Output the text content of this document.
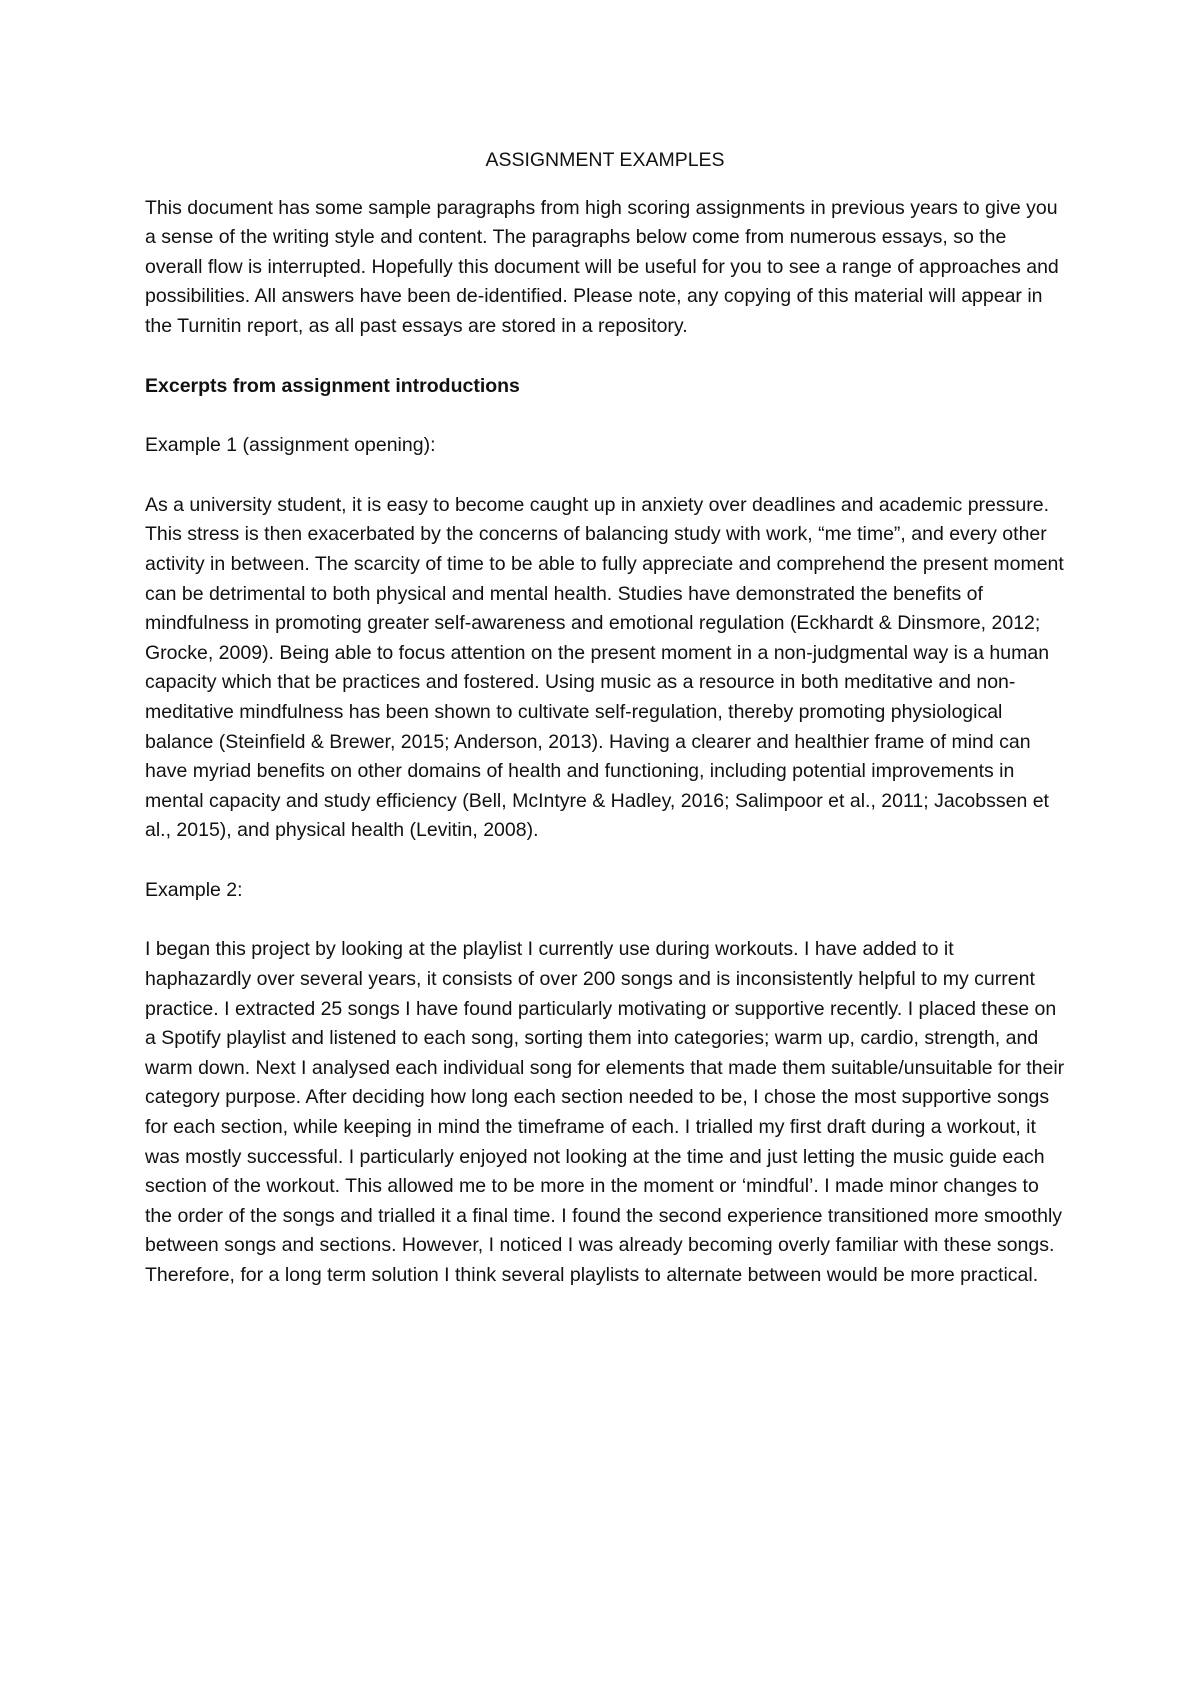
ASSIGNMENT EXAMPLES

This document has some sample paragraphs from high scoring assignments in previous years to give you a sense of the writing style and content. The paragraphs below come from numerous essays, so the overall flow is interrupted. Hopefully this document will be useful for you to see a range of approaches and possibilities. All answers have been de-identified. Please note, any copying of this material will appear in the Turnitin report, as all past essays are stored in a repository.

Excerpts from assignment introductions

Example 1 (assignment opening):

As a university student, it is easy to become caught up in anxiety over deadlines and academic pressure. This stress is then exacerbated by the concerns of balancing study with work, “me time”, and every other activity in between. The scarcity of time to be able to fully appreciate and comprehend the present moment can be detrimental to both physical and mental health. Studies have demonstrated the benefits of mindfulness in promoting greater self-awareness and emotional regulation (Eckhardt & Dinsmore, 2012; Grocke, 2009). Being able to focus attention on the present moment in a non-judgmental way is a human capacity which that be practices and fostered. Using music as a resource in both meditative and non-meditative mindfulness has been shown to cultivate self-regulation, thereby promoting physiological balance (Steinfield & Brewer, 2015; Anderson, 2013). Having a clearer and healthier frame of mind can have myriad benefits on other domains of health and functioning, including potential improvements in mental capacity and study efficiency (Bell, McIntyre & Hadley, 2016; Salimpoor et al., 2011; Jacobssen et al., 2015), and physical health (Levitin, 2008).

Example 2:

I began this project by looking at the playlist I currently use during workouts. I have added to it haphazardly over several years, it consists of over 200 songs and is inconsistently helpful to my current practice. I extracted 25 songs I have found particularly motivating or supportive recently. I placed these on a Spotify playlist and listened to each song, sorting them into categories; warm up, cardio, strength, and warm down. Next I analysed each individual song for elements that made them suitable/unsuitable for their category purpose. After deciding how long each section needed to be, I chose the most supportive songs for each section, while keeping in mind the timeframe of each. I trialled my first draft during a workout, it was mostly successful. I particularly enjoyed not looking at the time and just letting the music guide each section of the workout. This allowed me to be more in the moment or ‘mindful’. I made minor changes to the order of the songs and trialled it a final time. I found the second experience transitioned more smoothly between songs and sections. However, I noticed I was already becoming overly familiar with these songs. Therefore, for a long term solution I think several playlists to alternate between would be more practical.
